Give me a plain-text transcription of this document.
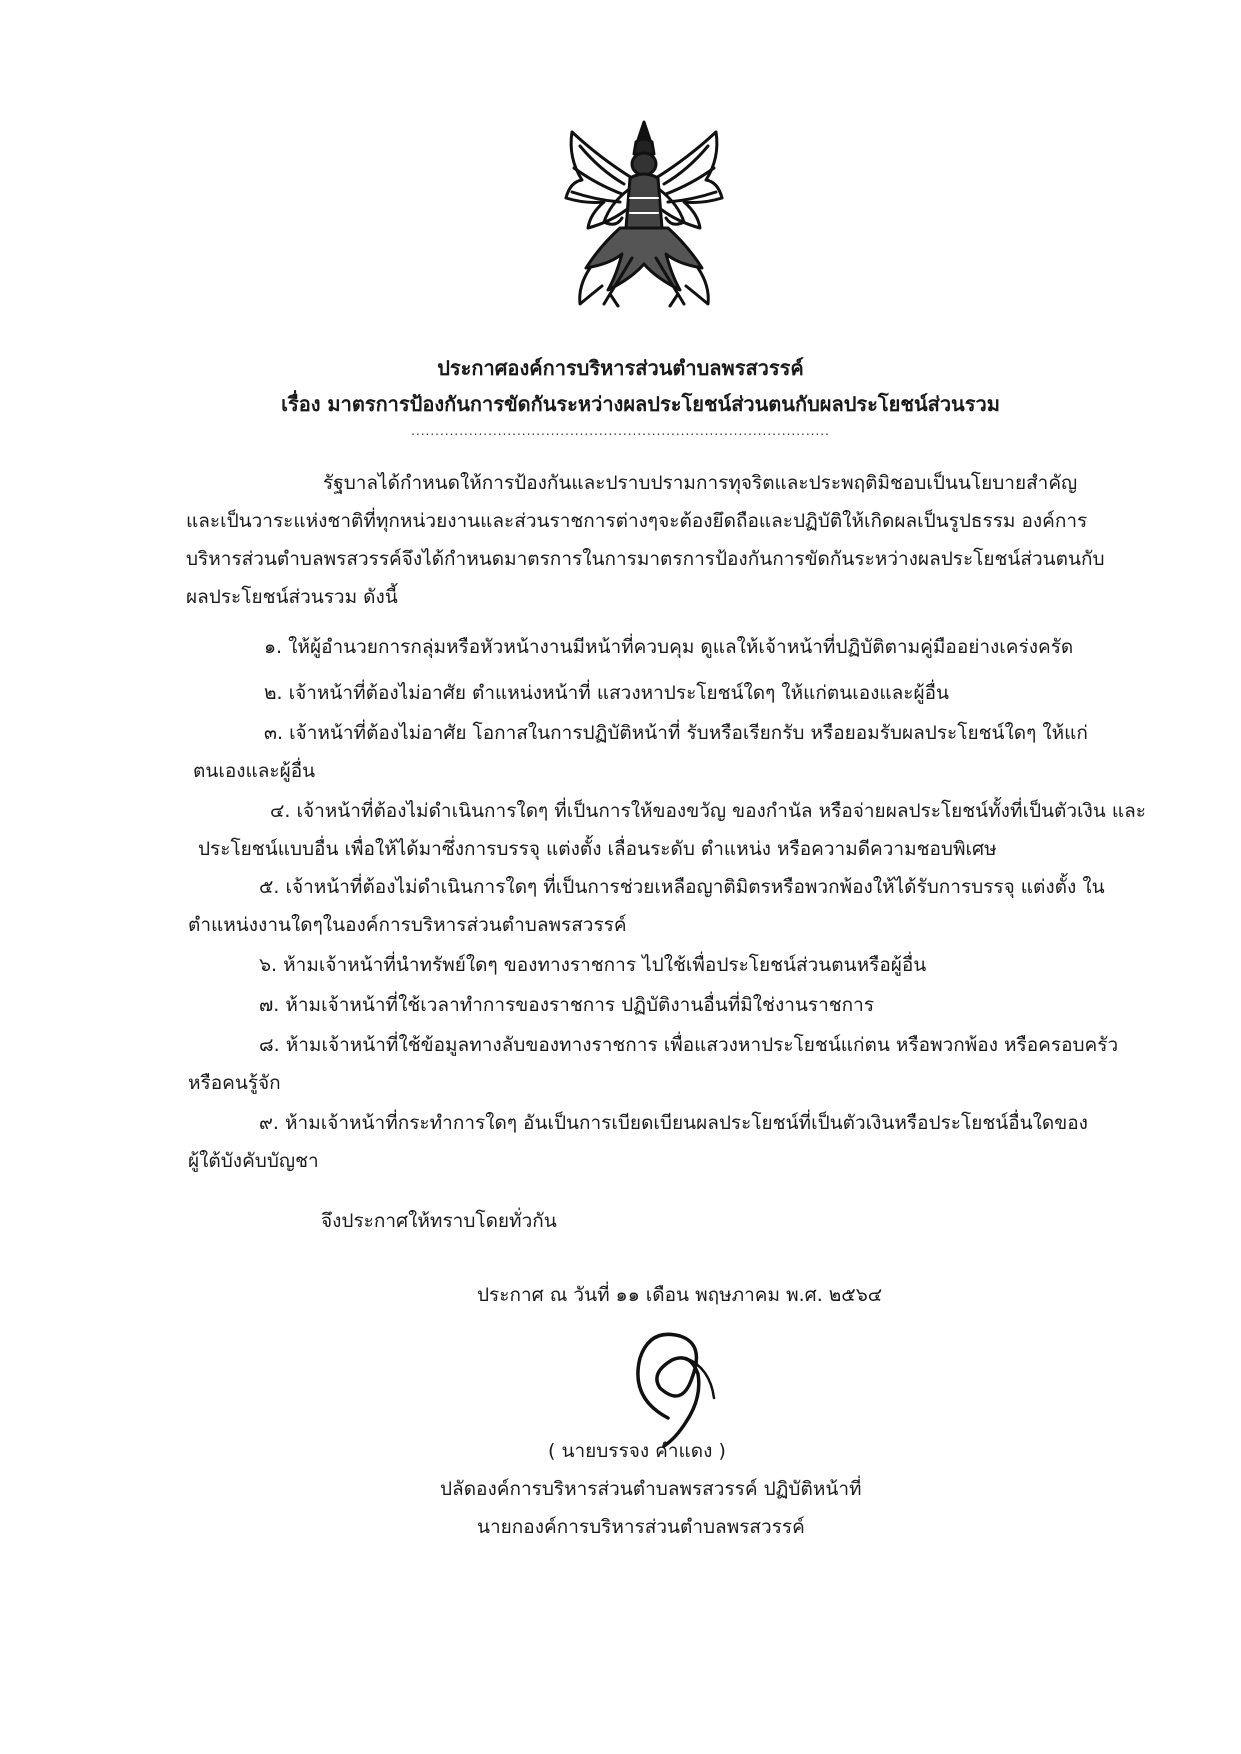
ประกาศองค์การบริหารส่วนตำบลพรสวรรค์
เรื่อง มาตรการป้องกันการขัดกันระหว่างผลประโยชน์ส่วนตนกับผลประโยชน์ส่วนรวม
.......................................................................................
รัฐบาลได้กำหนดให้การป้องกันและปราบปรามการทุจริตและประพฤติมิชอบเป็นนโยบายสำคัญ
และเป็นวาระแห่งชาติที่ทุกหน่วยงานและส่วนราชการต่างๆจะต้องยึดถือและปฏิบัติให้เกิดผลเป็นรูปธรรม องค์การ
บริหารส่วนตำบลพรสวรรค์จึงได้กำหนดมาตรการในการมาตรการป้องกันการขัดกันระหว่างผลประโยชน์ส่วนตนกับ
ผลประโยชน์ส่วนรวม ดังนี้
๑. ให้ผู้อำนวยการกลุ่มหรือหัวหน้างานมีหน้าที่ควบคุม ดูแลให้เจ้าหน้าที่ปฏิบัติตามคู่มืออย่างเคร่งครัด
๒. เจ้าหน้าที่ต้องไม่อาศัย ตำแหน่งหน้าที่ แสวงหาประโยชน์ใดๆ ให้แก่ตนเองและผู้อื่น
๓. เจ้าหน้าที่ต้องไม่อาศัย โอกาสในการปฏิบัติหน้าที่ รับหรือเรียกรับ หรือยอมรับผลประโยชน์ใดๆ ให้แก่
ตนเองและผู้อื่น
๔. เจ้าหน้าที่ต้องไม่ดำเนินการใดๆ ที่เป็นการให้ของขวัญ ของกำนัล หรือจ่ายผลประโยชน์ทั้งที่เป็นตัวเงิน และ
ประโยชน์แบบอื่น เพื่อให้ได้มาซึ่งการบรรจุ แต่งตั้ง เลื่อนระดับ ตำแหน่ง หรือความดีความชอบพิเศษ
๕. เจ้าหน้าที่ต้องไม่ดำเนินการใดๆ ที่เป็นการช่วยเหลือญาติมิตรหรือพวกพ้องให้ได้รับการบรรจุ แต่งตั้ง ใน
ตำแหน่งงานใดๆในองค์การบริหารส่วนตำบลพรสวรรค์
๖. ห้ามเจ้าหน้าที่นำทรัพย์ใดๆ ของทางราชการ ไปใช้เพื่อประโยชน์ส่วนตนหรือผู้อื่น
๗. ห้ามเจ้าหน้าที่ใช้เวลาทำการของราชการ ปฏิบัติงานอื่นที่มิใช่งานราชการ
๘. ห้ามเจ้าหน้าที่ใช้ข้อมูลทางลับของทางราชการ เพื่อแสวงหาประโยชน์แก่ตน หรือพวกพ้อง หรือครอบครัว
หรือคนรู้จัก
๙. ห้ามเจ้าหน้าที่กระทำการใดๆ อันเป็นการเบียดเบียนผลประโยชน์ที่เป็นตัวเงินหรือประโยชน์อื่นใดของ
ผู้ใต้บังคับบัญชา
จึงประกาศให้ทราบโดยทั่วกัน
ประกาศ ณ วันที่ ๑๑ เดือน พฤษภาคม พ.ศ. ๒๕๖๔
( นายบรรจง คำแดง )
ปลัดองค์การบริหารส่วนตำบลพรสวรรค์ ปฏิบัติหน้าที่
นายกองค์การบริหารส่วนตำบลพรสวรรค์
